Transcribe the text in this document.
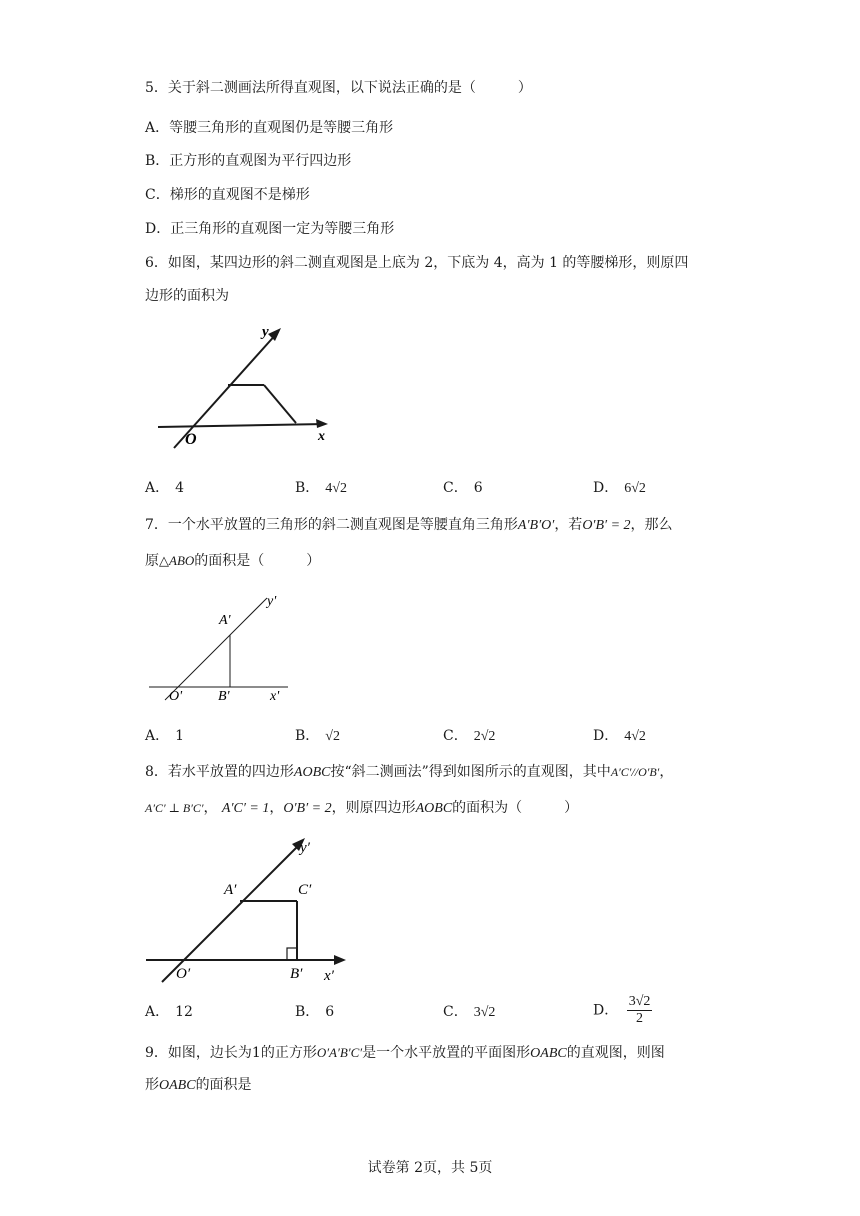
5．关于斜二测画法所得直观图，以下说法正确的是（　　　）
A．等腰三角形的直观图仍是等腰三角形
B．正方形的直观图为平行四边形
C．梯形的直观图不是梯形
D．正三角形的直观图一定为等腰三角形
6．如图，某四边形的斜二测直观图是上底为 2，下底为 4，高为 1 的等腰梯形，则原四
边形的面积为
y
x
O
A． 4	B． 4√2	C． 6	D． 6√2
7．一个水平放置的三角形的斜二测直观图是等腰直角三角形A′B′O′，若O′B′ = 2，那么
原△ABO的面积是（　　　）
y'
A'
O'	B'	x'
A． 1	B． √2	C． 2√2	D． 4√2
8．若水平放置的四边形AOBC按“斜二测画法”得到如图所示的直观图，其中A′C′//O′B′，
A′C′ ⊥ B′C′， A′C′ = 1，O′B′ = 2，则原四边形AOBC的面积为（　　　）
y′
A′	C′
O′	B′ x′
A． 12	B． 6	C． 3√2	D． $\frac{3√2}{2}$
9．如图，边长为1的正方形O′A′B′C′是一个水平放置的平面图形OABC的直观图，则图
形OABC的面积是
试卷第 2页，共 5页
